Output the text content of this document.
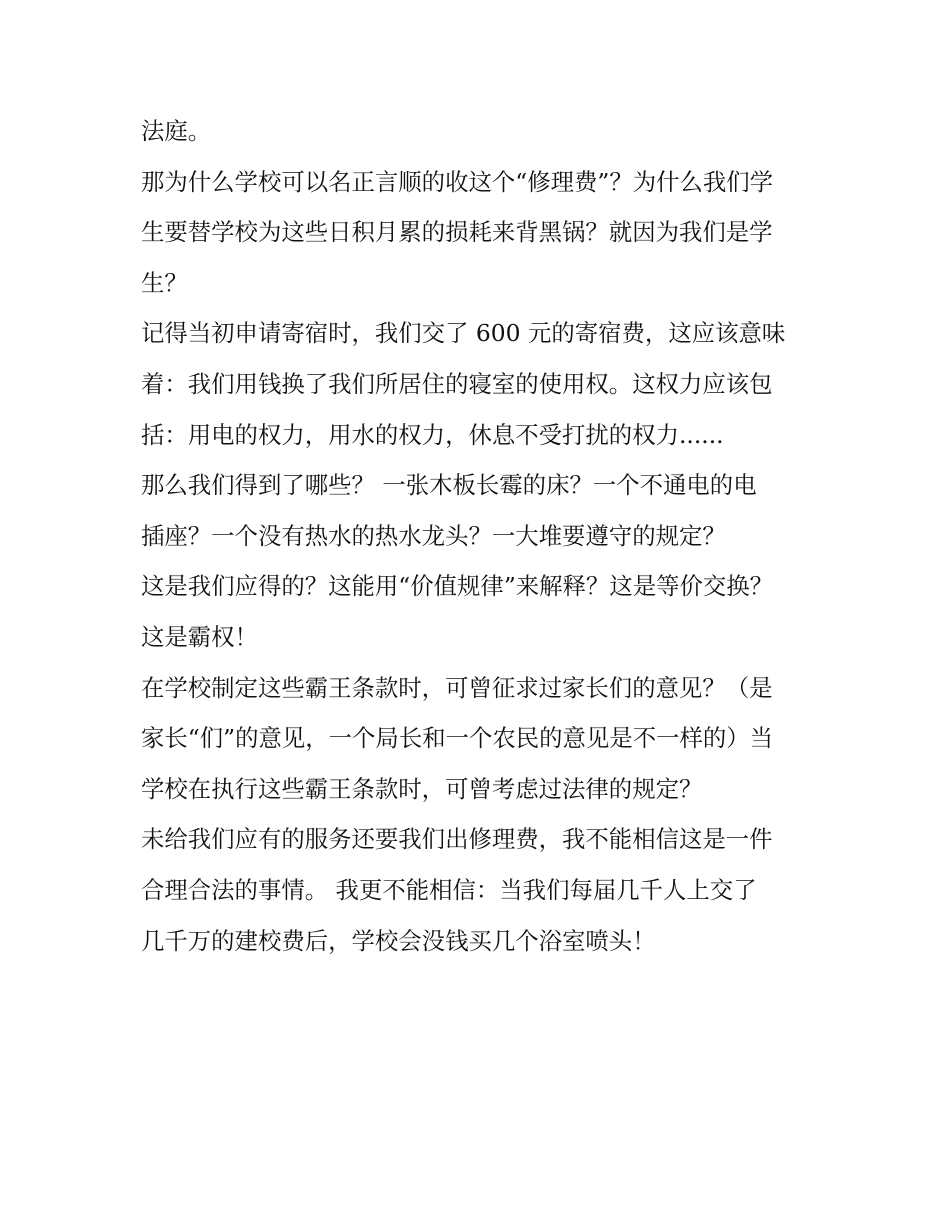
法庭。
那为什么学校可以名正言顺的收这个“修理费”？为什么我们学
生要替学校为这些日积月累的损耗来背黑锅？就因为我们是学
生？
记得当初申请寄宿时，我们交了 600 元的寄宿费，这应该意味
着：我们用钱换了我们所居住的寝室的使用权。这权力应该包
括：用电的权力，用水的权力，休息不受打扰的权力......
那么我们得到了哪些？ 一张木板长霉的床？一个不通电的电
插座？一个没有热水的热水龙头？一大堆要遵守的规定？
这是我们应得的？这能用“价值规律”来解释？这是等价交换？
这是霸权！
在学校制定这些霸王条款时，可曾征求过家长们的意见？（是
家长“们”的意见，一个局长和一个农民的意见是不一样的）当
学校在执行这些霸王条款时，可曾考虑过法律的规定？
未给我们应有的服务还要我们出修理费，我不能相信这是一件
合理合法的事情。 我更不能相信：当我们每届几千人上交了
几千万的建校费后，学校会没钱买几个浴室喷头！
